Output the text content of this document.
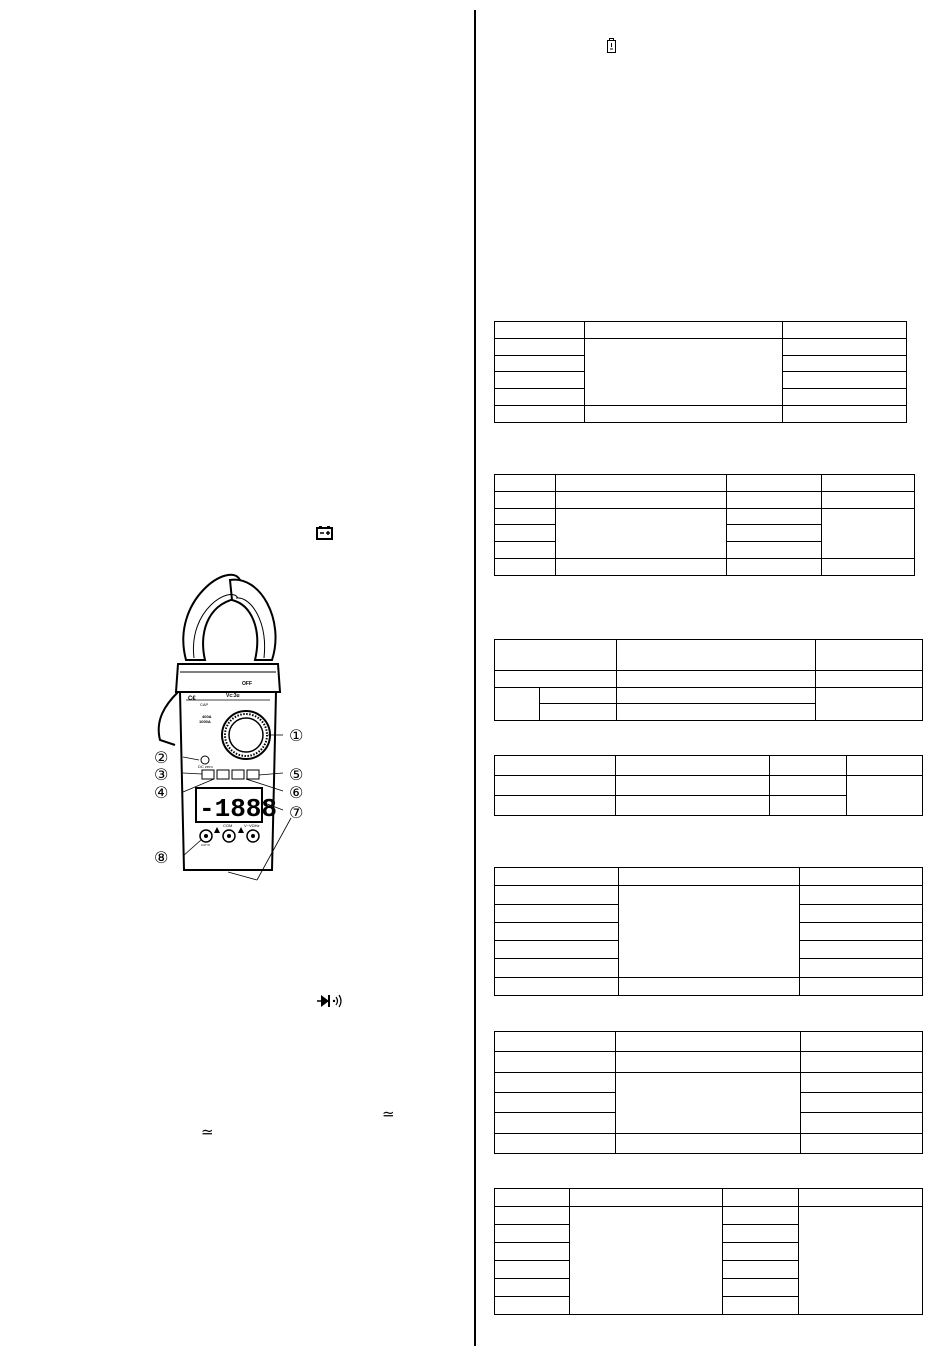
-1888
C€	Vc:3u
OFF
CAP
400A
1000A
DC zero
COM
CAT III
V~VΩHz
①
②
③
④
⑤
⑥
⑦
⑧
≃
≃
